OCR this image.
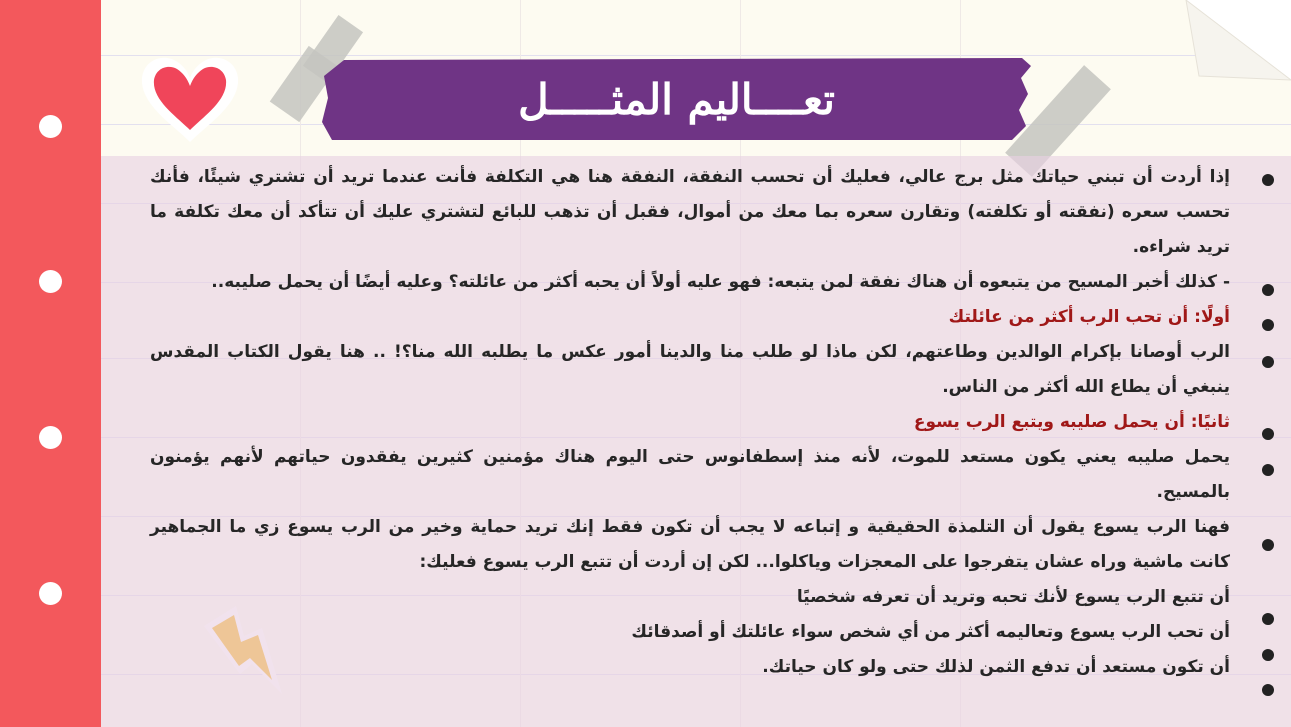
تعــــاليم المثـــــل

إذا أردت أن تبني حياتك مثل برج عالي، فعليك أن تحسب النفقة، النفقة هنا هي التكلفة فأنت عندما تريد أن تشتري شيئًا، فأنك تحسب سعره (نفقته أو تكلفته) وتقارن سعره بما معك من أموال، فقبل أن تذهب للبائع لتشتري عليك أن تتأكد أن معك تكلفة ما تريد شراءه.

- كذلك أخبر المسيح من يتبعوه أن هناك نفقة لمن يتبعه: فهو عليه أولاً أن يحبه أكثر من عائلته؟ وعليه أيضًا أن يحمل صليبه..

أولًا: أن تحب الرب أكثر من عائلتك

الرب أوصانا بإكرام الوالدين وطاعتهم، لكن ماذا لو طلب منا والدينا أمور عكس ما يطلبه الله منا؟! .. هنا يقول الكتاب المقدس ينبغي أن يطاع الله أكثر من الناس.

ثانيًا: أن يحمل صليبه ويتبع الرب يسوع

يحمل صليبه يعني يكون مستعد للموت، لأنه منذ إسطفانوس حتى اليوم هناك مؤمنين كثيرين يفقدون حياتهم لأنهم يؤمنون بالمسيح.

فهنا الرب يسوع يقول أن التلمذة الحقيقية و إتباعه لا يجب أن تكون فقط إنك تريد حماية وخير من الرب يسوع زي ما الجماهير كانت ماشية وراه عشان يتفرجوا على المعجزات وياكلوا... لكن إن أردت أن تتبع الرب يسوع فعليك:

أن تتبع الرب يسوع لأنك تحبه وتريد أن تعرفه شخصيًا

أن تحب الرب يسوع وتعاليمه أكثر من أي شخص سواء عائلتك أو أصدقائك

أن تكون مستعد أن تدفع الثمن لذلك حتى ولو كان حياتك.
